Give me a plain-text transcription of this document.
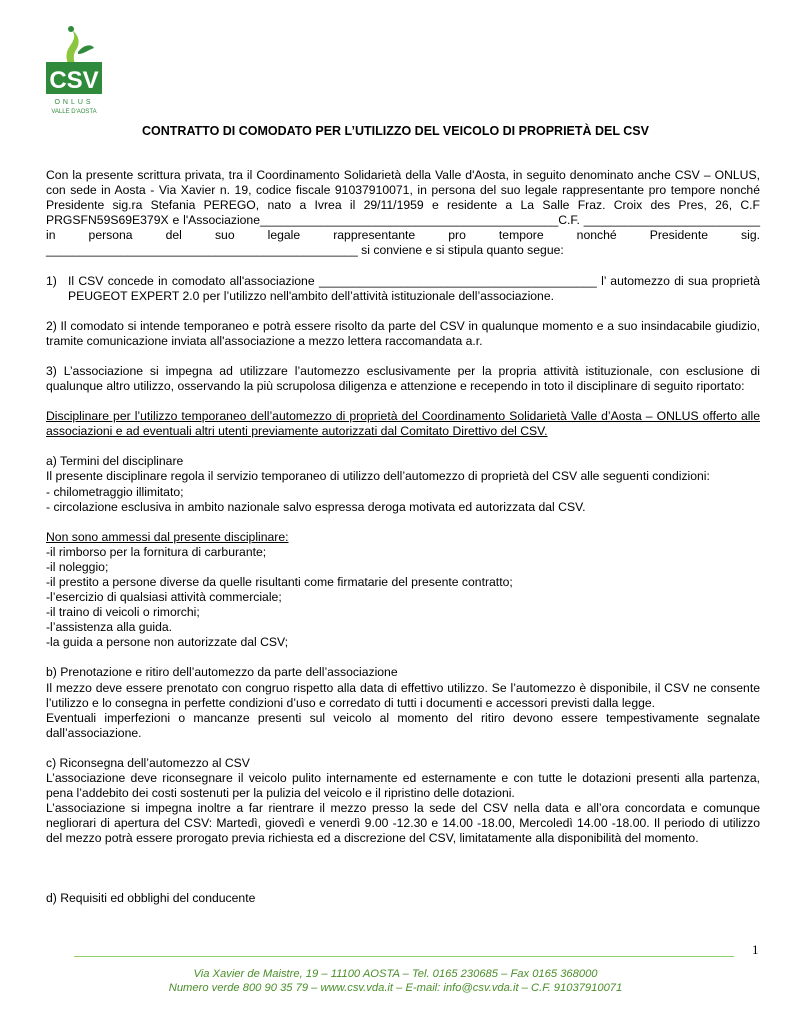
CSV
ONLUS
VALLE D'AOSTA
CONTRATTO DI COMODATO PER L’UTILIZZO DEL VEICOLO DI PROPRIETÀ DEL CSV

Con la presente scrittura privata, tra il Coordinamento Solidarietà della Valle d'Aosta, in seguito denominato anche CSV – ONLUS, con sede in Aosta - Via Xavier n. 19, codice fiscale 91037910071, in persona del suo legale rappresentante pro tempore nonché Presidente sig.ra Stefania PEREGO, nato a Ivrea il 29/11/1959 e residente a La Salle Fraz. Croix des Pres, 26, C.F PRGSFN59S69E379X e l'Associazione____________________________________________C.F. __________________________ in persona del suo legale rappresentante pro tempore nonché Presidente sig. ______________________________________________ si conviene e si stipula quanto segue:

1) Il CSV concede in comodato all'associazione _________________________________________ l’ automezzo di sua proprietà PEUGEOT EXPERT 2.0 per l’utilizzo nell'ambito dell’attività istituzionale dell’associazione.

2) Il comodato si intende temporaneo e potrà essere risolto da parte del CSV in qualunque momento e a suo insindacabile giudizio, tramite comunicazione inviata all'associazione a mezzo lettera raccomandata a.r.

3) L’associazione si impegna ad utilizzare l’automezzo esclusivamente per la propria attività istituzionale, con esclusione di qualunque altro utilizzo, osservando la più scrupolosa diligenza e attenzione e recependo in toto il disciplinare di seguito riportato:

Disciplinare per l’utilizzo temporaneo dell’automezzo di proprietà del Coordinamento Solidarietà Valle d’Aosta – ONLUS offerto alle associazioni e ad eventuali altri utenti previamente autorizzati dal Comitato Direttivo del CSV.

a) Termini del disciplinare

Il presente disciplinare regola il servizio temporaneo di utilizzo dell’automezzo di proprietà del CSV alle seguenti condizioni:

- chilometraggio illimitato;

- circolazione esclusiva in ambito nazionale salvo espressa deroga motivata ed autorizzata dal CSV.

Non sono ammessi dal presente disciplinare:

-il rimborso per la fornitura di carburante;

-il noleggio;

-il prestito a persone diverse da quelle risultanti come firmatarie del presente contratto;

-l’esercizio di qualsiasi attività commerciale;

-il traino di veicoli o rimorchi;

-l’assistenza alla guida.

-la guida a persone non autorizzate dal CSV;

b) Prenotazione e ritiro dell’automezzo da parte dell’associazione

Il mezzo deve essere prenotato con congruo rispetto alla data di effettivo utilizzo. Se l’automezzo è disponibile, il CSV ne consente l’utilizzo e lo consegna in perfette condizioni d’uso e corredato di tutti i documenti e accessori previsti dalla legge.

Eventuali imperfezioni o mancanze presenti sul veicolo al momento del ritiro devono essere tempestivamente segnalate dall’associazione.

c) Riconsegna dell’automezzo al CSV

L’associazione deve riconsegnare il veicolo pulito internamente ed esternamente e con tutte le dotazioni presenti alla partenza, pena l’addebito dei costi sostenuti per la pulizia del veicolo e il ripristino delle dotazioni.

L’associazione si impegna inoltre a far rientrare il mezzo presso la sede del CSV nella data e all’ora concordata e comunque negliorari di apertura del CSV: Martedì, giovedì e venerdì 9.00 -12.30 e 14.00 -18.00, Mercoledì 14.00 -18.00. Il periodo di utilizzo del mezzo potrà essere prorogato previa richiesta ed a discrezione del CSV, limitatamente alla disponibilità del momento.

d) Requisiti ed obblighi del conducente

1
Via Xavier de Maistre, 19 – 11100 AOSTA – Tel. 0165 230685 – Fax 0165 368000
Numero verde 800 90 35 79 – www.csv.vda.it – E-mail: info@csv.vda.it – C.F. 91037910071
